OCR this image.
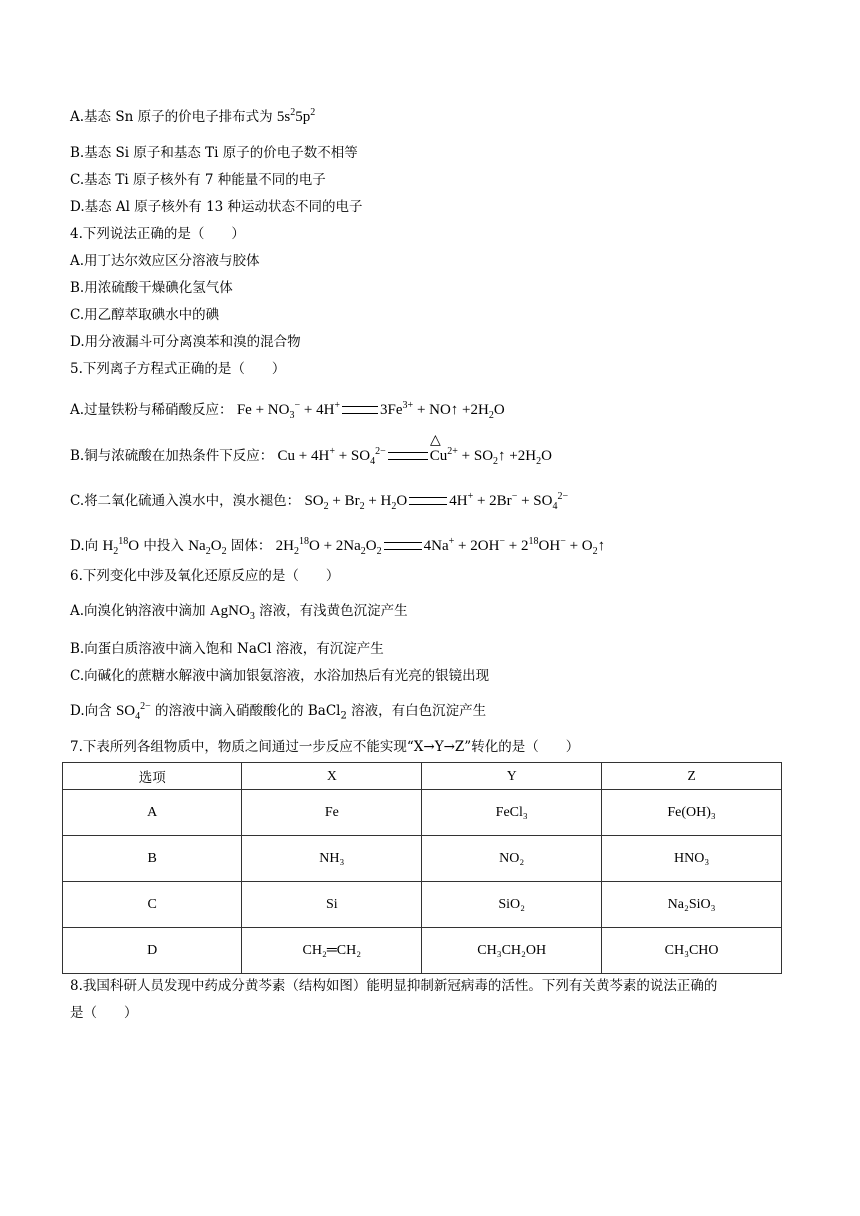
A.基态 Sn 原子的价电子排布式为 $5s^25p^2$
B.基态 Si 原子和基态 Ti 原子的价电子数不相等
C.基态 Ti 原子核外有 7 种能量不同的电子
D.基态 Al 原子核外有 13 种运动状态不同的电子
4.下列说法正确的是（　　）
A.用丁达尔效应区分溶液与胶体
B.用浓硫酸干燥碘化氢气体
C.用乙醇萃取碘水中的碘
D.用分液漏斗可分离溴苯和溴的混合物
5.下列离子方程式正确的是（　　）
A.过量铁粉与稀硝酸反应： $Fe + NO_3^- + 4H^+$	$3Fe^{3+}$ + NO↑ $+2H_2O$
△
B.铜与浓硫酸在加热条件下反应： $Cu + 4H^+ + SO_4^{2-}$	$Cu^{2+}$ + $SO_2↑ +2H_2O$
C.将二氧化硫通入溴水中，溴水褪色： $SO_2 + Br_2 + H_2O$	$4H^+ + 2Br^- + SO_4^{2-}$
D.向 $H_2^{18}O$ 中投入 $Na_2O_2$ 固体： $2H_2^{18}O + 2Na_2O_2$	$4Na^+ + 2OH^- + 2^{18}OH^-$ + $O_2↑$
6.下列变化中涉及氧化还原反应的是（　　）
A.向溴化钠溶液中滴加 AgNO$_3$ 溶液，有浅黄色沉淀产生
B.向蛋白质溶液中滴入饱和 NaCl 溶液，有沉淀产生
C.向碱化的蔗糖水解液中滴加银氨溶液，水浴加热后有光亮的银镜出现
D.向含 $SO_4^{2-}$ 的溶液中滴入硝酸酸化的 BaCl$_2$ 溶液，有白色沉淀产生
7.下表所列各组物质中，物质之间通过一步反应不能实现“X→Y→Z”转化的是（　　）
选项	X	Y	Z
A	Fe	FeCl₃	Fe(OH)₃
B	NH₃	NO₂	HNO₃
C	Si	SiO₂	Na₂SiO₃
D	CH₂═CH₂	CH₃CH₂OH	CH₃CHO
8.我国科研人员发现中药成分黄芩素（结构如图）能明显抑制新冠病毒的活性。下列有关黄芩素的说法正确的
是（　　）
